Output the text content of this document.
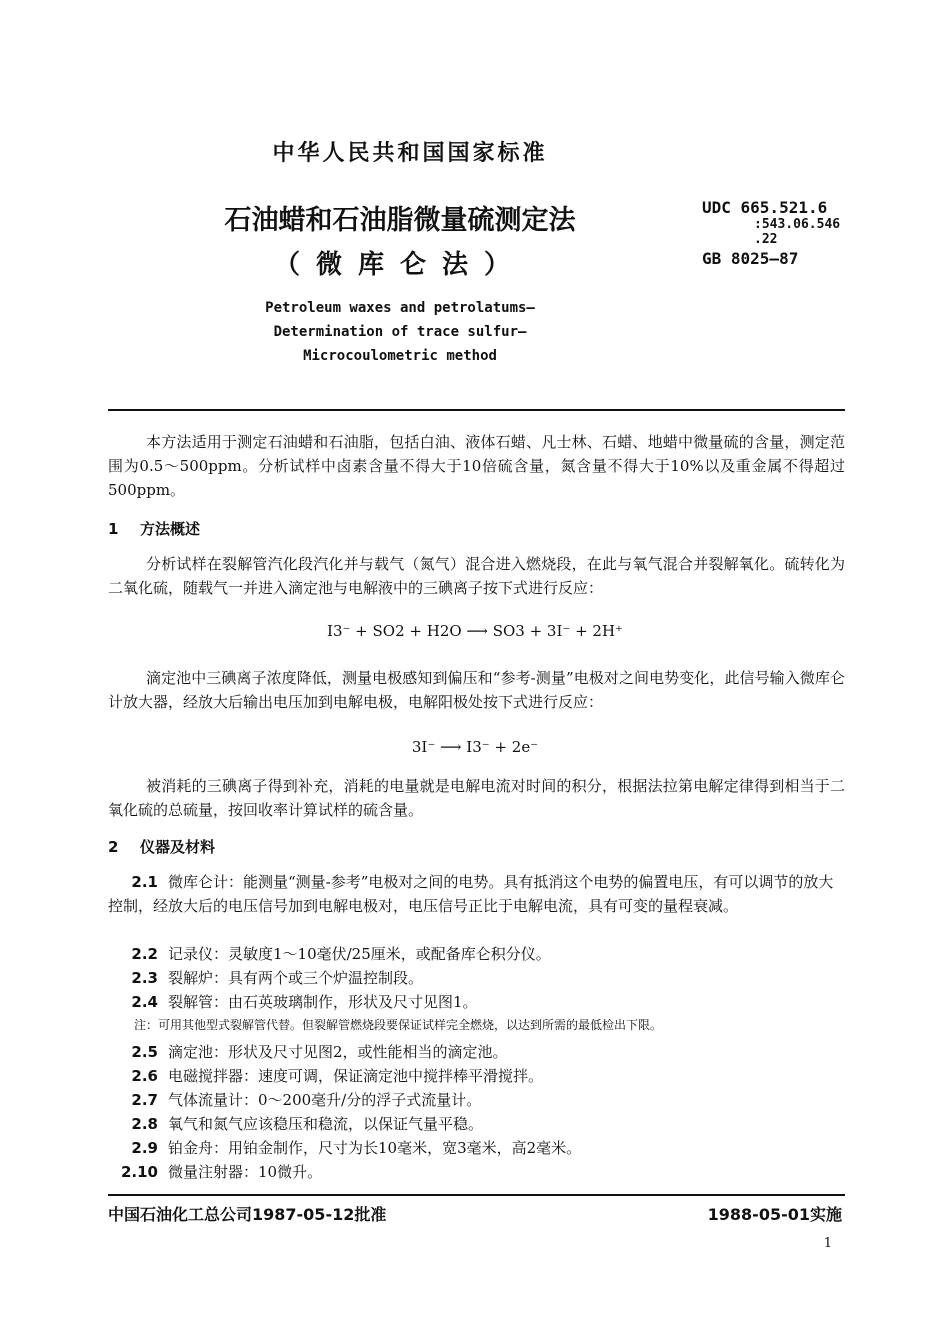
中华人民共和国国家标准
石油蜡和石油脂微量硫测定法
（微库仑法）
UDC 665.521.6
:543.06.546
.22
GB 8025—87
Petroleum waxes and petrolatums—
Determination of trace sulfur—
Microcoulometric method
本方法适用于测定石油蜡和石油脂，包括白油、液体石蜡、凡士林、石蜡、地蜡中微量硫的含量，测定范围为0.5～500ppm。分析试样中卤素含量不得大于10倍硫含量，氮含量不得大于10%以及重金属不得超过500ppm。
1 方法概述
分析试样在裂解管汽化段汽化并与载气（氮气）混合进入燃烧段，在此与氧气混合并裂解氧化。硫转化为二氧化硫，随载气一并进入滴定池与电解液中的三碘离子按下式进行反应：
I3⁻ + SO2 + H2O ⟶ SO3 + 3I⁻ + 2H⁺
滴定池中三碘离子浓度降低，测量电极感知到偏压和“参考-测量”电极对之间电势变化，此信号输入微库仑计放大器，经放大后输出电压加到电解电极，电解阳极处按下式进行反应：
3I⁻ ⟶ I3⁻ + 2e⁻
被消耗的三碘离子得到补充，消耗的电量就是电解电流对时间的积分，根据法拉第电解定律得到相当于二氧化硫的总硫量，按回收率计算试样的硫含量。
2 仪器及材料
2.1 微库仑计：能测量“测量-参考”电极对之间的电势。具有抵消这个电势的偏置电压，有可以调节的放大控制，经放大后的电压信号加到电解电极对，电压信号正比于电解电流，具有可变的量程衰减。
2.2 记录仪：灵敏度1～10毫伏/25厘米，或配备库仑积分仪。
2.3 裂解炉：具有两个或三个炉温控制段。
2.4 裂解管：由石英玻璃制作，形状及尺寸见图1。
注：可用其他型式裂解管代替。但裂解管燃烧段要保证试样完全燃烧，以达到所需的最低检出下限。
2.5 滴定池：形状及尺寸见图2，或性能相当的滴定池。
2.6 电磁搅拌器：速度可调，保证滴定池中搅拌棒平滑搅拌。
2.7 气体流量计：0～200毫升/分的浮子式流量计。
2.8 氧气和氮气应该稳压和稳流，以保证气量平稳。
2.9 铂金舟：用铂金制作，尺寸为长10毫米，宽3毫米，高2毫米。
2.10 微量注射器：10微升。
中国石油化工总公司1987-05-12批准	1988-05-01实施
1
